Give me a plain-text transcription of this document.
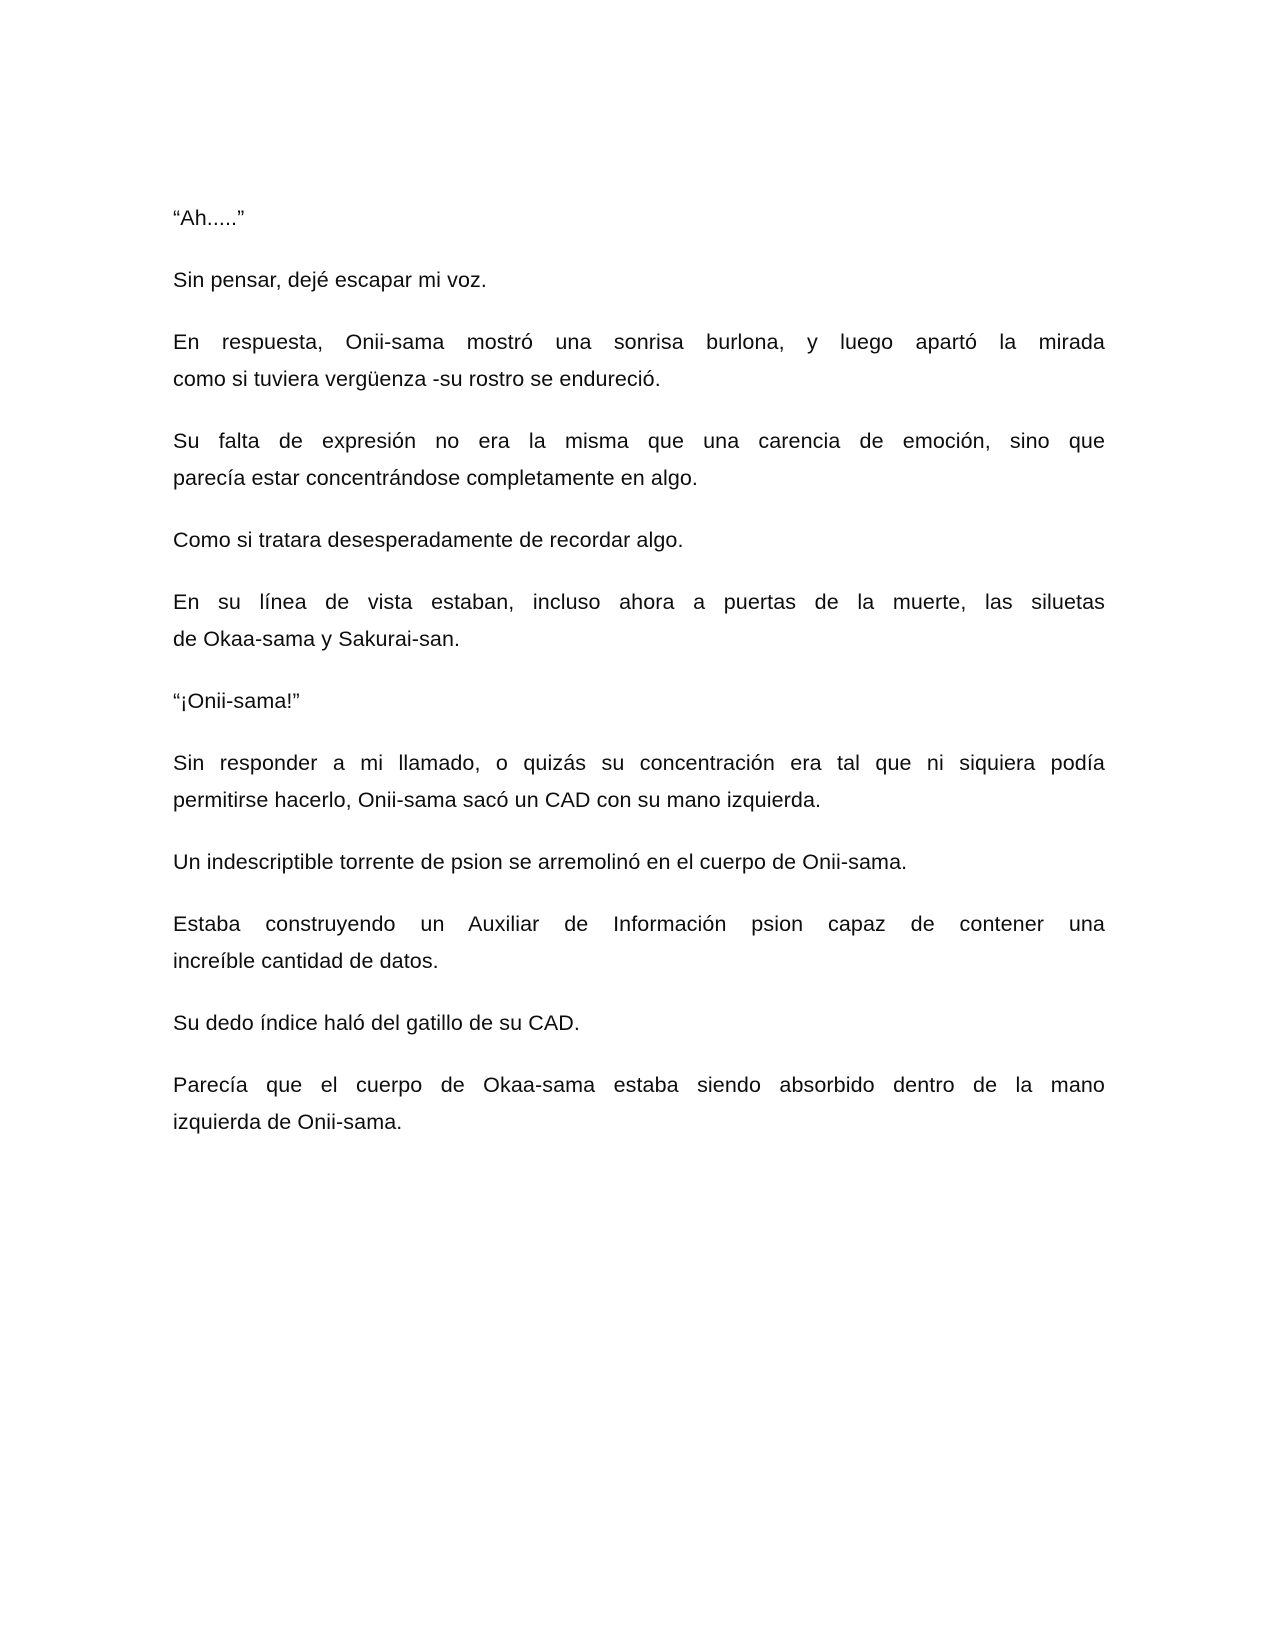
“Ah.....”
Sin pensar, dejé escapar mi voz.
En respuesta, Onii-sama mostró una sonrisa burlona, y luego apartó la mirada
como si tuviera vergüenza -su rostro se endureció.
Su falta de expresión no era la misma que una carencia de emoción, sino que
parecía estar concentrándose completamente en algo.
Como si tratara desesperadamente de recordar algo.
En su línea de vista estaban, incluso ahora a puertas de la muerte, las siluetas
de Okaa-sama y Sakurai-san.
“¡Onii-sama!”
Sin responder a mi llamado, o quizás su concentración era tal que ni siquiera podía
permitirse hacerlo, Onii-sama sacó un CAD con su mano izquierda.
Un indescriptible torrente de psion se arremolinó en el cuerpo de Onii-sama.
Estaba construyendo un Auxiliar de Información psion capaz de contener una
increíble cantidad de datos.
Su dedo índice haló del gatillo de su CAD.
Parecía que el cuerpo de Okaa-sama estaba siendo absorbido dentro de la mano
izquierda de Onii-sama.
